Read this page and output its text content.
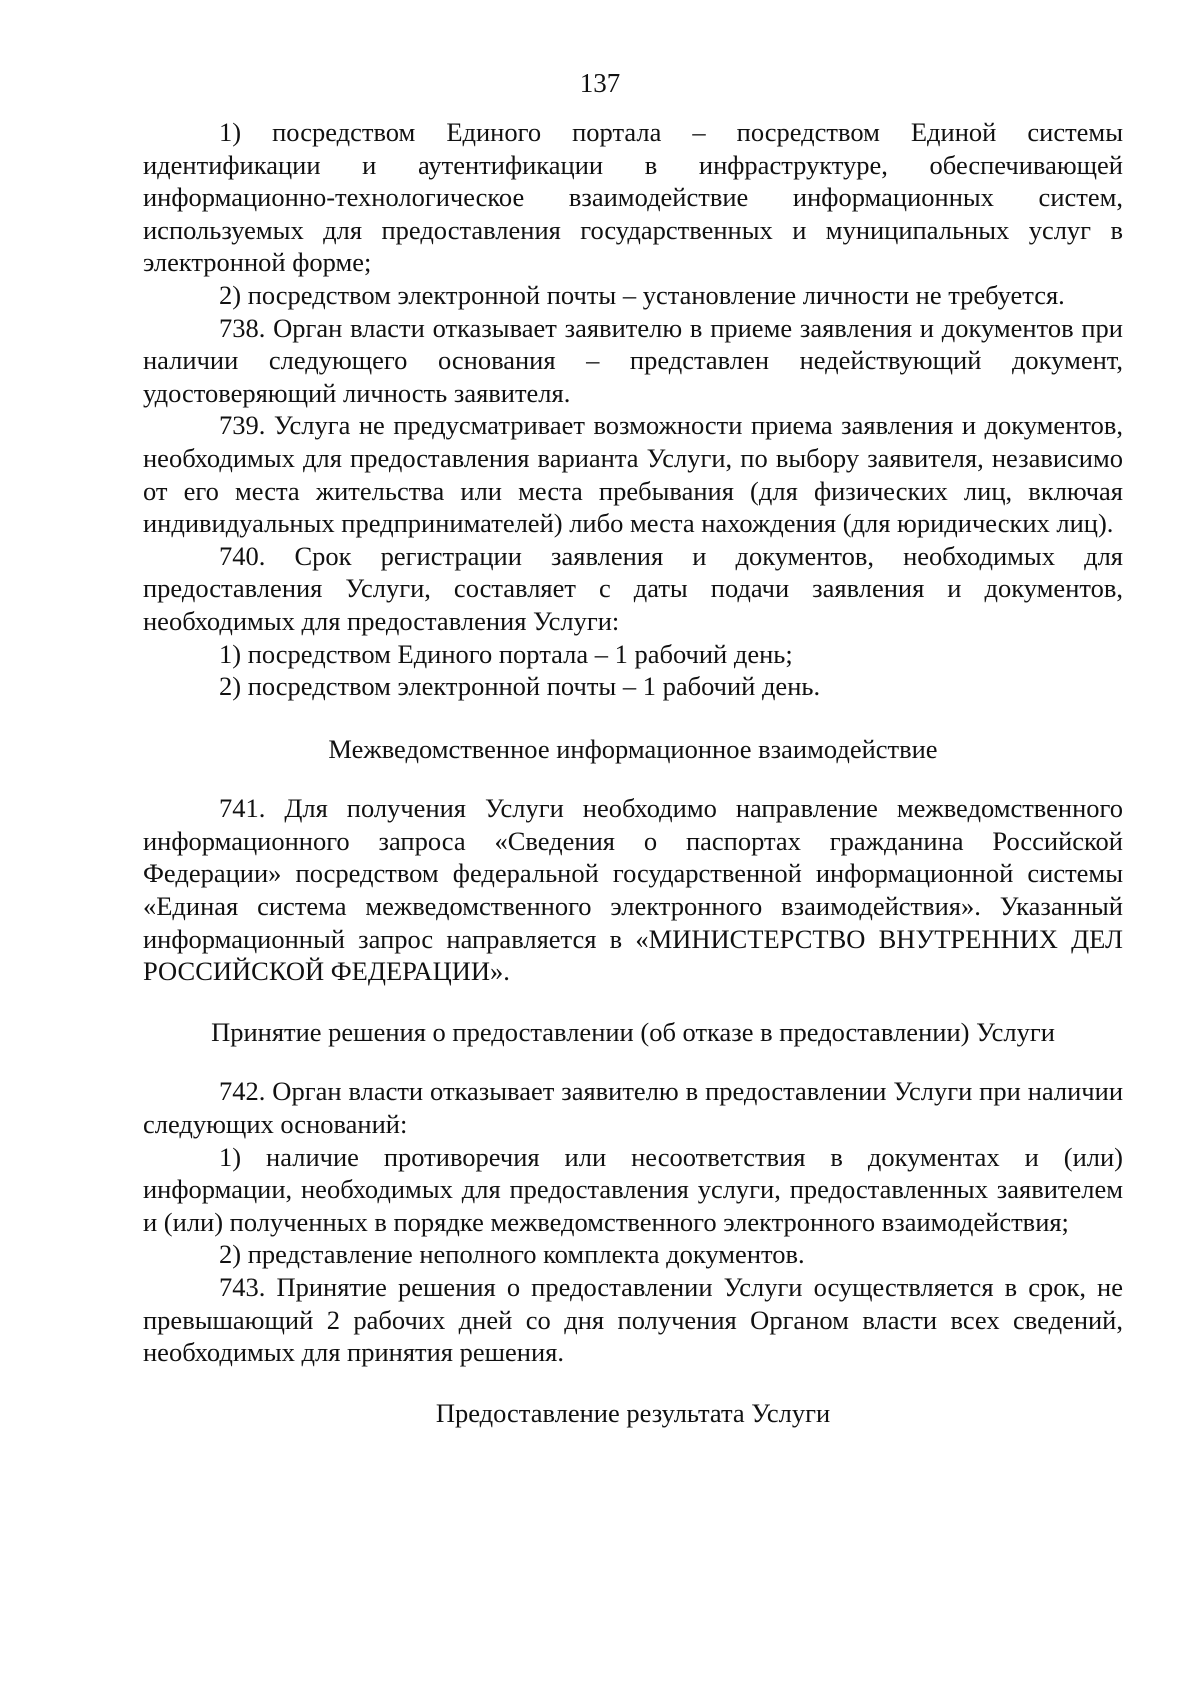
137

1) посредством Единого портала – посредством Единой системы идентификации и аутентификации в инфраструктуре, обеспечивающей информационно-технологическое взаимодействие информационных систем, используемых для предоставления государственных и муниципальных услуг в электронной форме;

2) посредством электронной почты – установление личности не требуется.

738. Орган власти отказывает заявителю в приеме заявления и документов при наличии следующего основания – представлен недействующий документ, удостоверяющий личность заявителя.

739. Услуга не предусматривает возможности приема заявления и документов, необходимых для предоставления варианта Услуги, по выбору заявителя, независимо от его места жительства или места пребывания (для физических лиц, включая индивидуальных предпринимателей) либо места нахождения (для юридических лиц).

740. Срок регистрации заявления и документов, необходимых для предоставления Услуги, составляет с даты подачи заявления и документов, необходимых для предоставления Услуги:

1) посредством Единого портала – 1 рабочий день;

2) посредством электронной почты – 1 рабочий день.

Межведомственное информационное взаимодействие

741. Для получения Услуги необходимо направление межведомственного информационного запроса «Сведения о паспортах гражданина Российской Федерации» посредством федеральной государственной информационной системы «Единая система межведомственного электронного взаимодействия». Указанный информационный запрос направляется в «МИНИСТЕРСТВО ВНУТРЕННИХ ДЕЛ РОССИЙСКОЙ ФЕДЕРАЦИИ».

Принятие решения о предоставлении (об отказе в предоставлении) Услуги

742. Орган власти отказывает заявителю в предоставлении Услуги при наличии следующих оснований:

1) наличие противоречия или несоответствия в документах и (или) информации, необходимых для предоставления услуги, предоставленных заявителем и (или) полученных в порядке межведомственного электронного взаимодействия;

2) представление неполного комплекта документов.

743. Принятие решения о предоставлении Услуги осуществляется в срок, не превышающий 2 рабочих дней со дня получения Органом власти всех сведений, необходимых для принятия решения.

Предоставление результата Услуги
